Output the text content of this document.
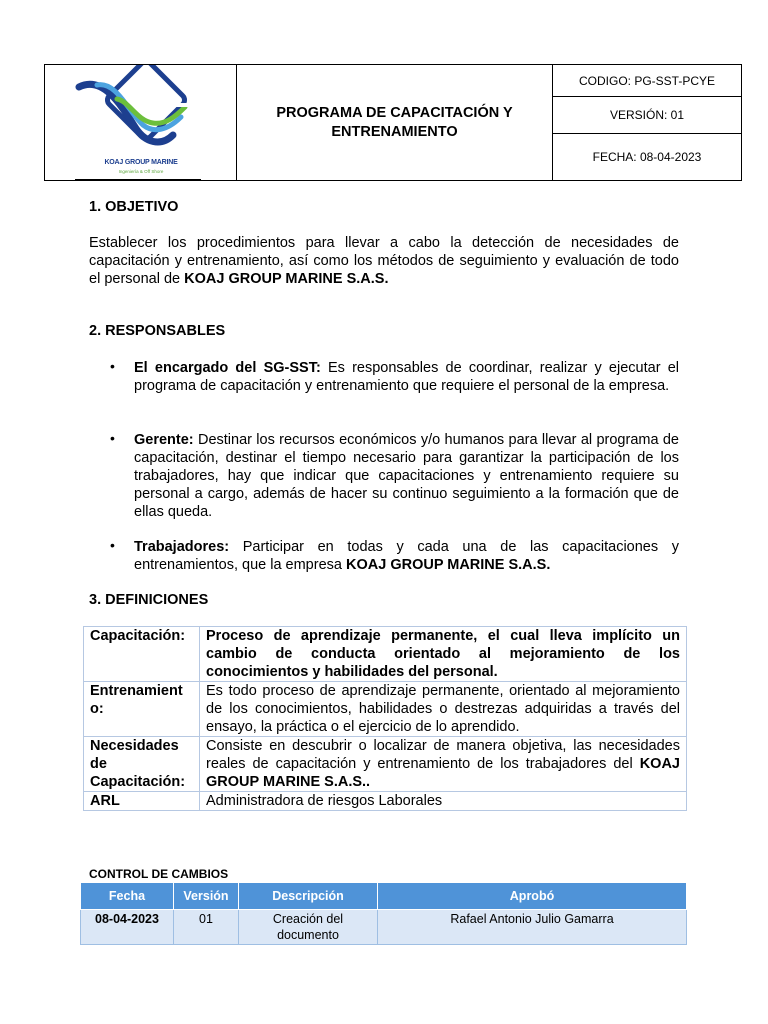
KOAJ GROUP MARINE
Ingeniería & Off Shore
PROGRAMA DE CAPACITACIÓN Y ENTRENAMIENTO
CODIGO: PG-SST-PCYE
VERSIÓN: 01
FECHA: 08-04-2023
1. OBJETIVO

Establecer los procedimientos para llevar a cabo la detección de necesidades de capacitación y entrenamiento, así como los métodos de seguimiento y evaluación de todo el personal de KOAJ GROUP MARINE S.A.S.

2. RESPONSABLES
• El encargado del SG-SST: Es responsables de coordinar, realizar y ejecutar el programa de capacitación y entrenamiento que requiere el personal de la empresa.
• Gerente: Destinar los recursos económicos y/o humanos para llevar al programa de capacitación, destinar el tiempo necesario para garantizar la participación de los trabajadores, hay que indicar que capacitaciones y entrenamiento requiere su personal a cargo, además de hacer su continuo seguimiento a la formación que de ellas queda.
• Trabajadores: Participar en todas y cada una de las capacitaciones y entrenamientos, que la empresa KOAJ GROUP MARINE S.A.S.
3. DEFINICIONES
Capacitación:	Proceso de aprendizaje permanente, el cual lleva implícito un cambio de conducta orientado al mejoramiento de los conocimientos y habilidades del personal.
Entrenamiento:	Es todo proceso de aprendizaje permanente, orientado al mejoramiento de los conocimientos, habilidades o destrezas adquiridas a través del ensayo, la práctica o el ejercicio de lo aprendido.
Necesidades de Capacitación:	Consiste en descubrir o localizar de manera objetiva, las necesidades reales de capacitación y entrenamiento de los trabajadores del KOAJ GROUP MARINE S.A.S..
ARL	Administradora de riesgos Laborales
CONTROL DE CAMBIOS
Fecha	Versión	Descripción	Aprobó
08-04-2023	01	Creación del documento	Rafael Antonio Julio Gamarra
